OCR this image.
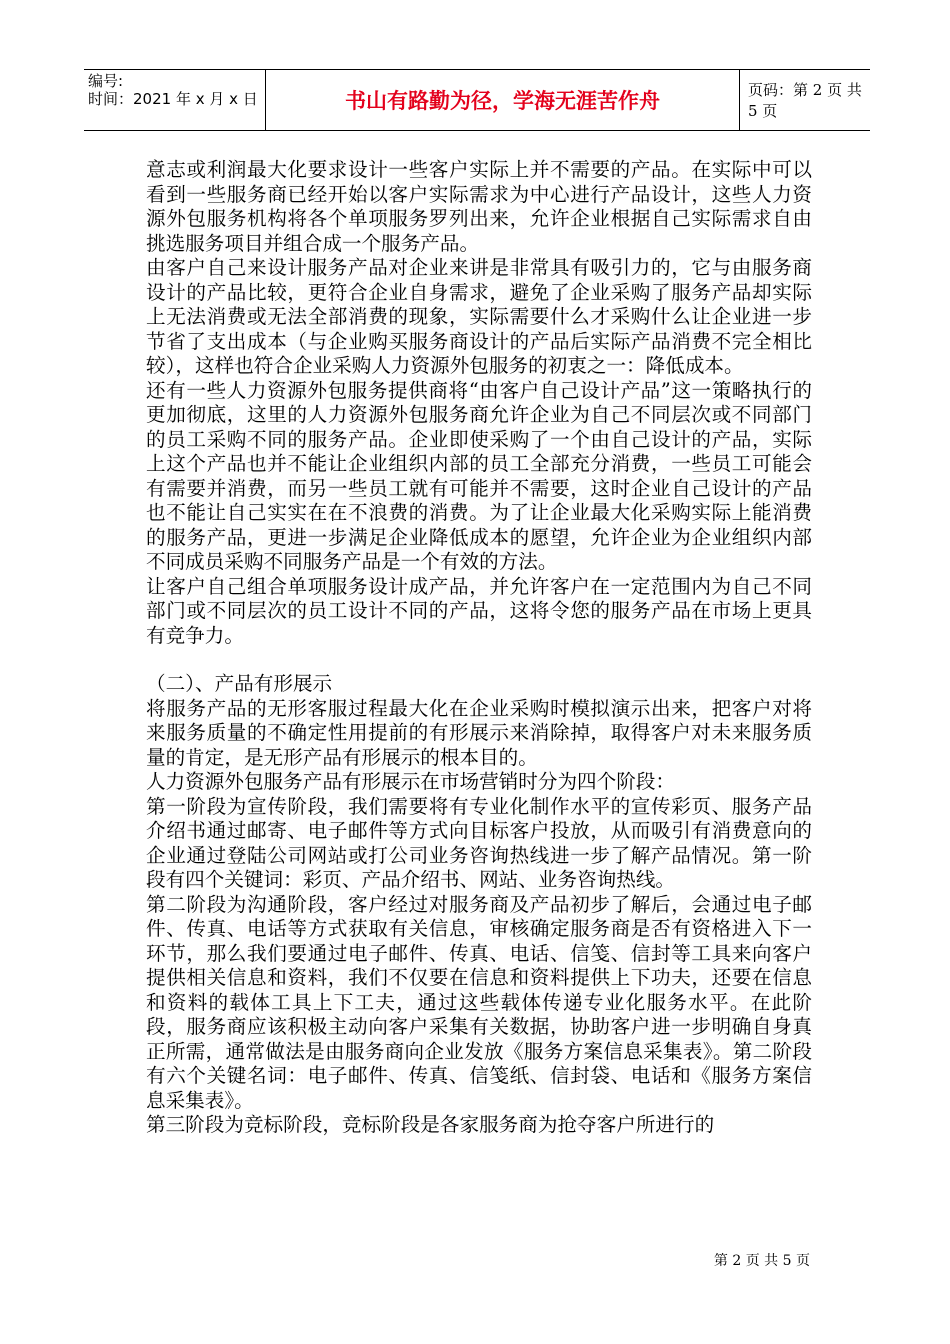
编号:
时间：2021 年 x 月 x 日	书山有路勤为径，学海无涯苦作舟	页码：第 2 页 共 5 页

意志或利润最大化要求设计一些客户实际上并不需要的产品。在实际中可以看到一些服务商已经开始以客户实际需求为中心进行产品设计，这些人力资源外包服务机构将各个单项服务罗列出来，允许企业根据自己实际需求自由挑选服务项目并组合成一个服务产品。

由客户自己来设计服务产品对企业来讲是非常具有吸引力的，它与由服务商设计的产品比较，更符合企业自身需求，避免了企业采购了服务产品却实际上无法消费或无法全部消费的现象，实际需要什么才采购什么让企业进一步节省了支出成本（与企业购买服务商设计的产品后实际产品消费不完全相比较），这样也符合企业采购人力资源外包服务的初衷之一：降低成本。

还有一些人力资源外包服务提供商将“由客户自己设计产品”这一策略执行的更加彻底，这里的人力资源外包服务商允许企业为自己不同层次或不同部门的员工采购不同的服务产品。企业即使采购了一个由自己设计的产品，实际上这个产品也并不能让企业组织内部的员工全部充分消费，一些员工可能会有需要并消费，而另一些员工就有可能并不需要，这时企业自己设计的产品也不能让自己实实在在不浪费的消费。为了让企业最大化采购实际上能消费的服务产品，更进一步满足企业降低成本的愿望，允许企业为企业组织内部不同成员采购不同服务产品是一个有效的方法。

让客户自己组合单项服务设计成产品，并允许客户在一定范围内为自己不同部门或不同层次的员工设计不同的产品，这将令您的服务产品在市场上更具有竞争力。

（二）、产品有形展示

将服务产品的无形客服过程最大化在企业采购时模拟演示出来，把客户对将来服务质量的不确定性用提前的有形展示来消除掉，取得客户对未来服务质量的肯定，是无形产品有形展示的根本目的。

人力资源外包服务产品有形展示在市场营销时分为四个阶段：

第一阶段为宣传阶段，我们需要将有专业化制作水平的宣传彩页、服务产品介绍书通过邮寄、电子邮件等方式向目标客户投放，从而吸引有消费意向的企业通过登陆公司网站或打公司业务咨询热线进一步了解产品情况。第一阶段有四个关键词：彩页、产品介绍书、网站、业务咨询热线。

第二阶段为沟通阶段，客户经过对服务商及产品初步了解后，会通过电子邮件、传真、电话等方式获取有关信息，审核确定服务商是否有资格进入下一环节，那么我们要通过电子邮件、传真、电话、信笺、信封等工具来向客户提供相关信息和资料，我们不仅要在信息和资料提供上下功夫，还要在信息和资料的载体工具上下工夫，通过这些载体传递专业化服务水平。在此阶段，服务商应该积极主动向客户采集有关数据，协助客户进一步明确自身真正所需，通常做法是由服务商向企业发放《服务方案信息采集表》。第二阶段有六个关键名词：电子邮件、传真、信笺纸、信封袋、电话和《服务方案信息采集表》。

第三阶段为竞标阶段，竞标阶段是各家服务商为抢夺客户所进行的

第 2 页 共 5 页
